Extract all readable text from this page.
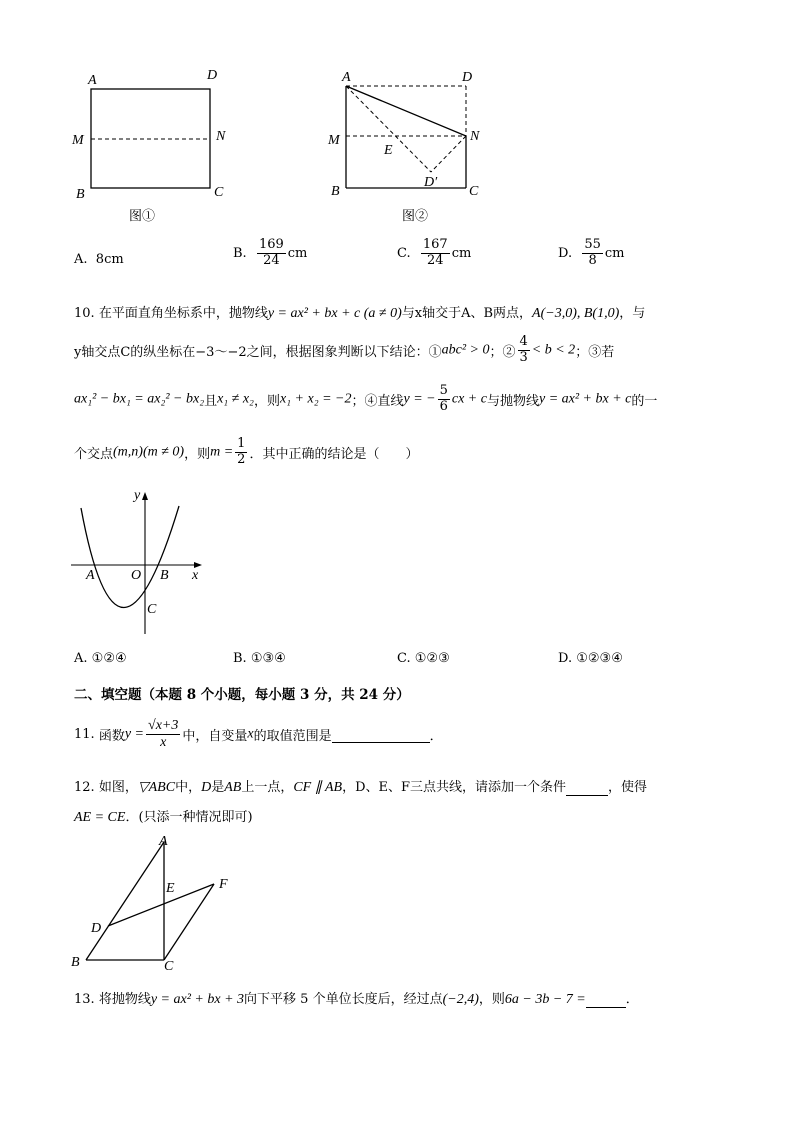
A	D
M	N
B	C
图①
A	D
M	N
E
D′
B	C
图②
A. 8cm	B. $\frac{169}{24}$ cm	C. $\frac{167}{24}$ cm	D. $\frac{55}{8}$ cm
10. 在平面直角坐标系中，抛物线y = ax² + bx + c (a ≠ 0)与x轴交于A、B两点，A(−3,0), B(1,0)，与
y轴交点C的纵坐标在−3～−2之间，根据图象判断以下结论：①abc² > 0；② $\frac{4}{3} < b < 2$；③若
ax₁² − bx₁ = ax₂² − bx₂且x₁ ≠ x₂，则x₁ + x₂ = −2；④直线y = − $\frac{5}{6}$ cx + c与抛物线y = ax² + bx + c的一
个交点(m,n)(m ≠ 0)，则$m = \frac{1}{2}$ ．其中正确的结论是（　　）
y
x
A	O B
C
A. ①②④	B. ①③④	C. ①②③	D. ①②③④
二、填空题（本题 8 个小题，每小题 3 分，共 24 分）
11. 函数$y = \frac{√x+3}{x}$ 中，自变量x的取值范围是	．
12. 如图，▽ABC中，D是AB上一点，CF ∥ AB，D、E、F三点共线，请添加一个条件	，使得
AE = CE．(只添一种情况即可)
A
E	F
D
B	C
13. 将抛物线y = ax² + bx + 3向下平移 5 个单位长度后，经过点(−2,4)，则6a − 3b − 7 =	．
